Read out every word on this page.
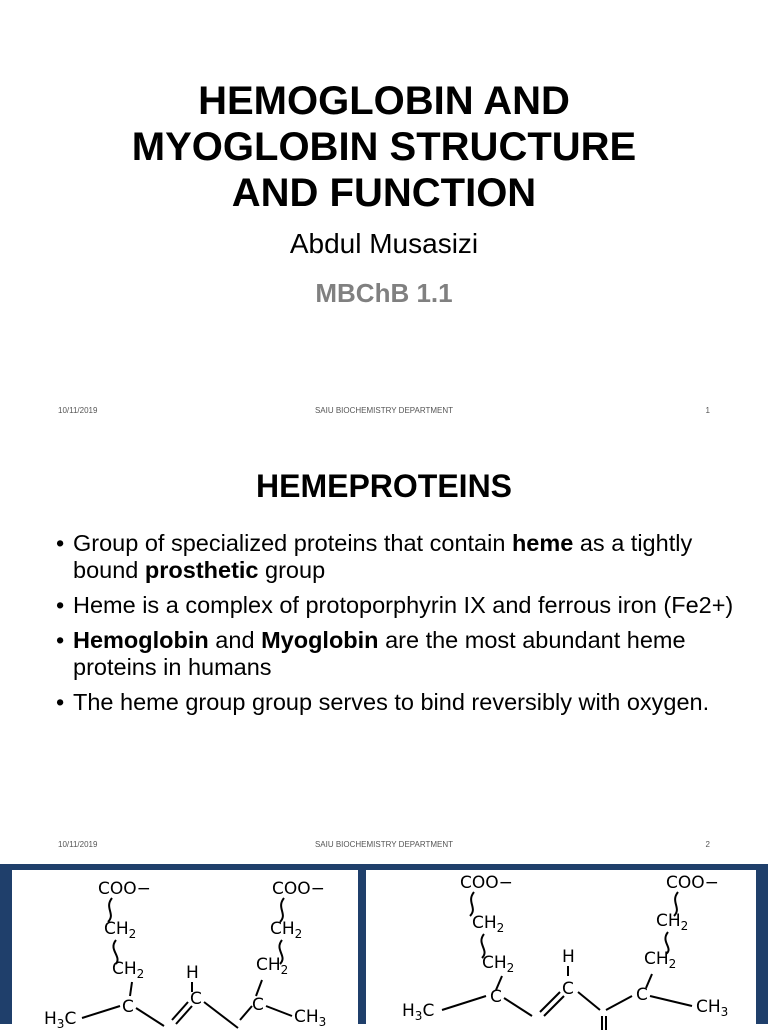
HEMOGLOBIN AND
MYOGLOBIN STRUCTURE
AND FUNCTION
Abdul Musasizi
MBChB 1.1
10/11/2019	SAIU BIOCHEMISTRY DEPARTMENT	1
HEMEPROTEINS
• Group of specialized proteins that contain heme as a tightly bound prosthetic group
• Heme is a complex of protoporphyrin IX and ferrous iron (Fe2+)
• Hemoglobin and Myoglobin are the most abundant heme proteins in humans
• The heme group group serves to bind reversibly with oxygen.
10/11/2019	SAIU BIOCHEMISTRY DEPARTMENT	2
COO−	COO−
$CH_2$	$CH_2$
$CH_2$	$CH_2$
H
C	C	C
$H_3C$	$CH_3$
COO−	COO−
$CH_2$	$CH_2$
$CH_2$	$CH_2$
H
C
C	C
$H_3C$	$CH_3$
